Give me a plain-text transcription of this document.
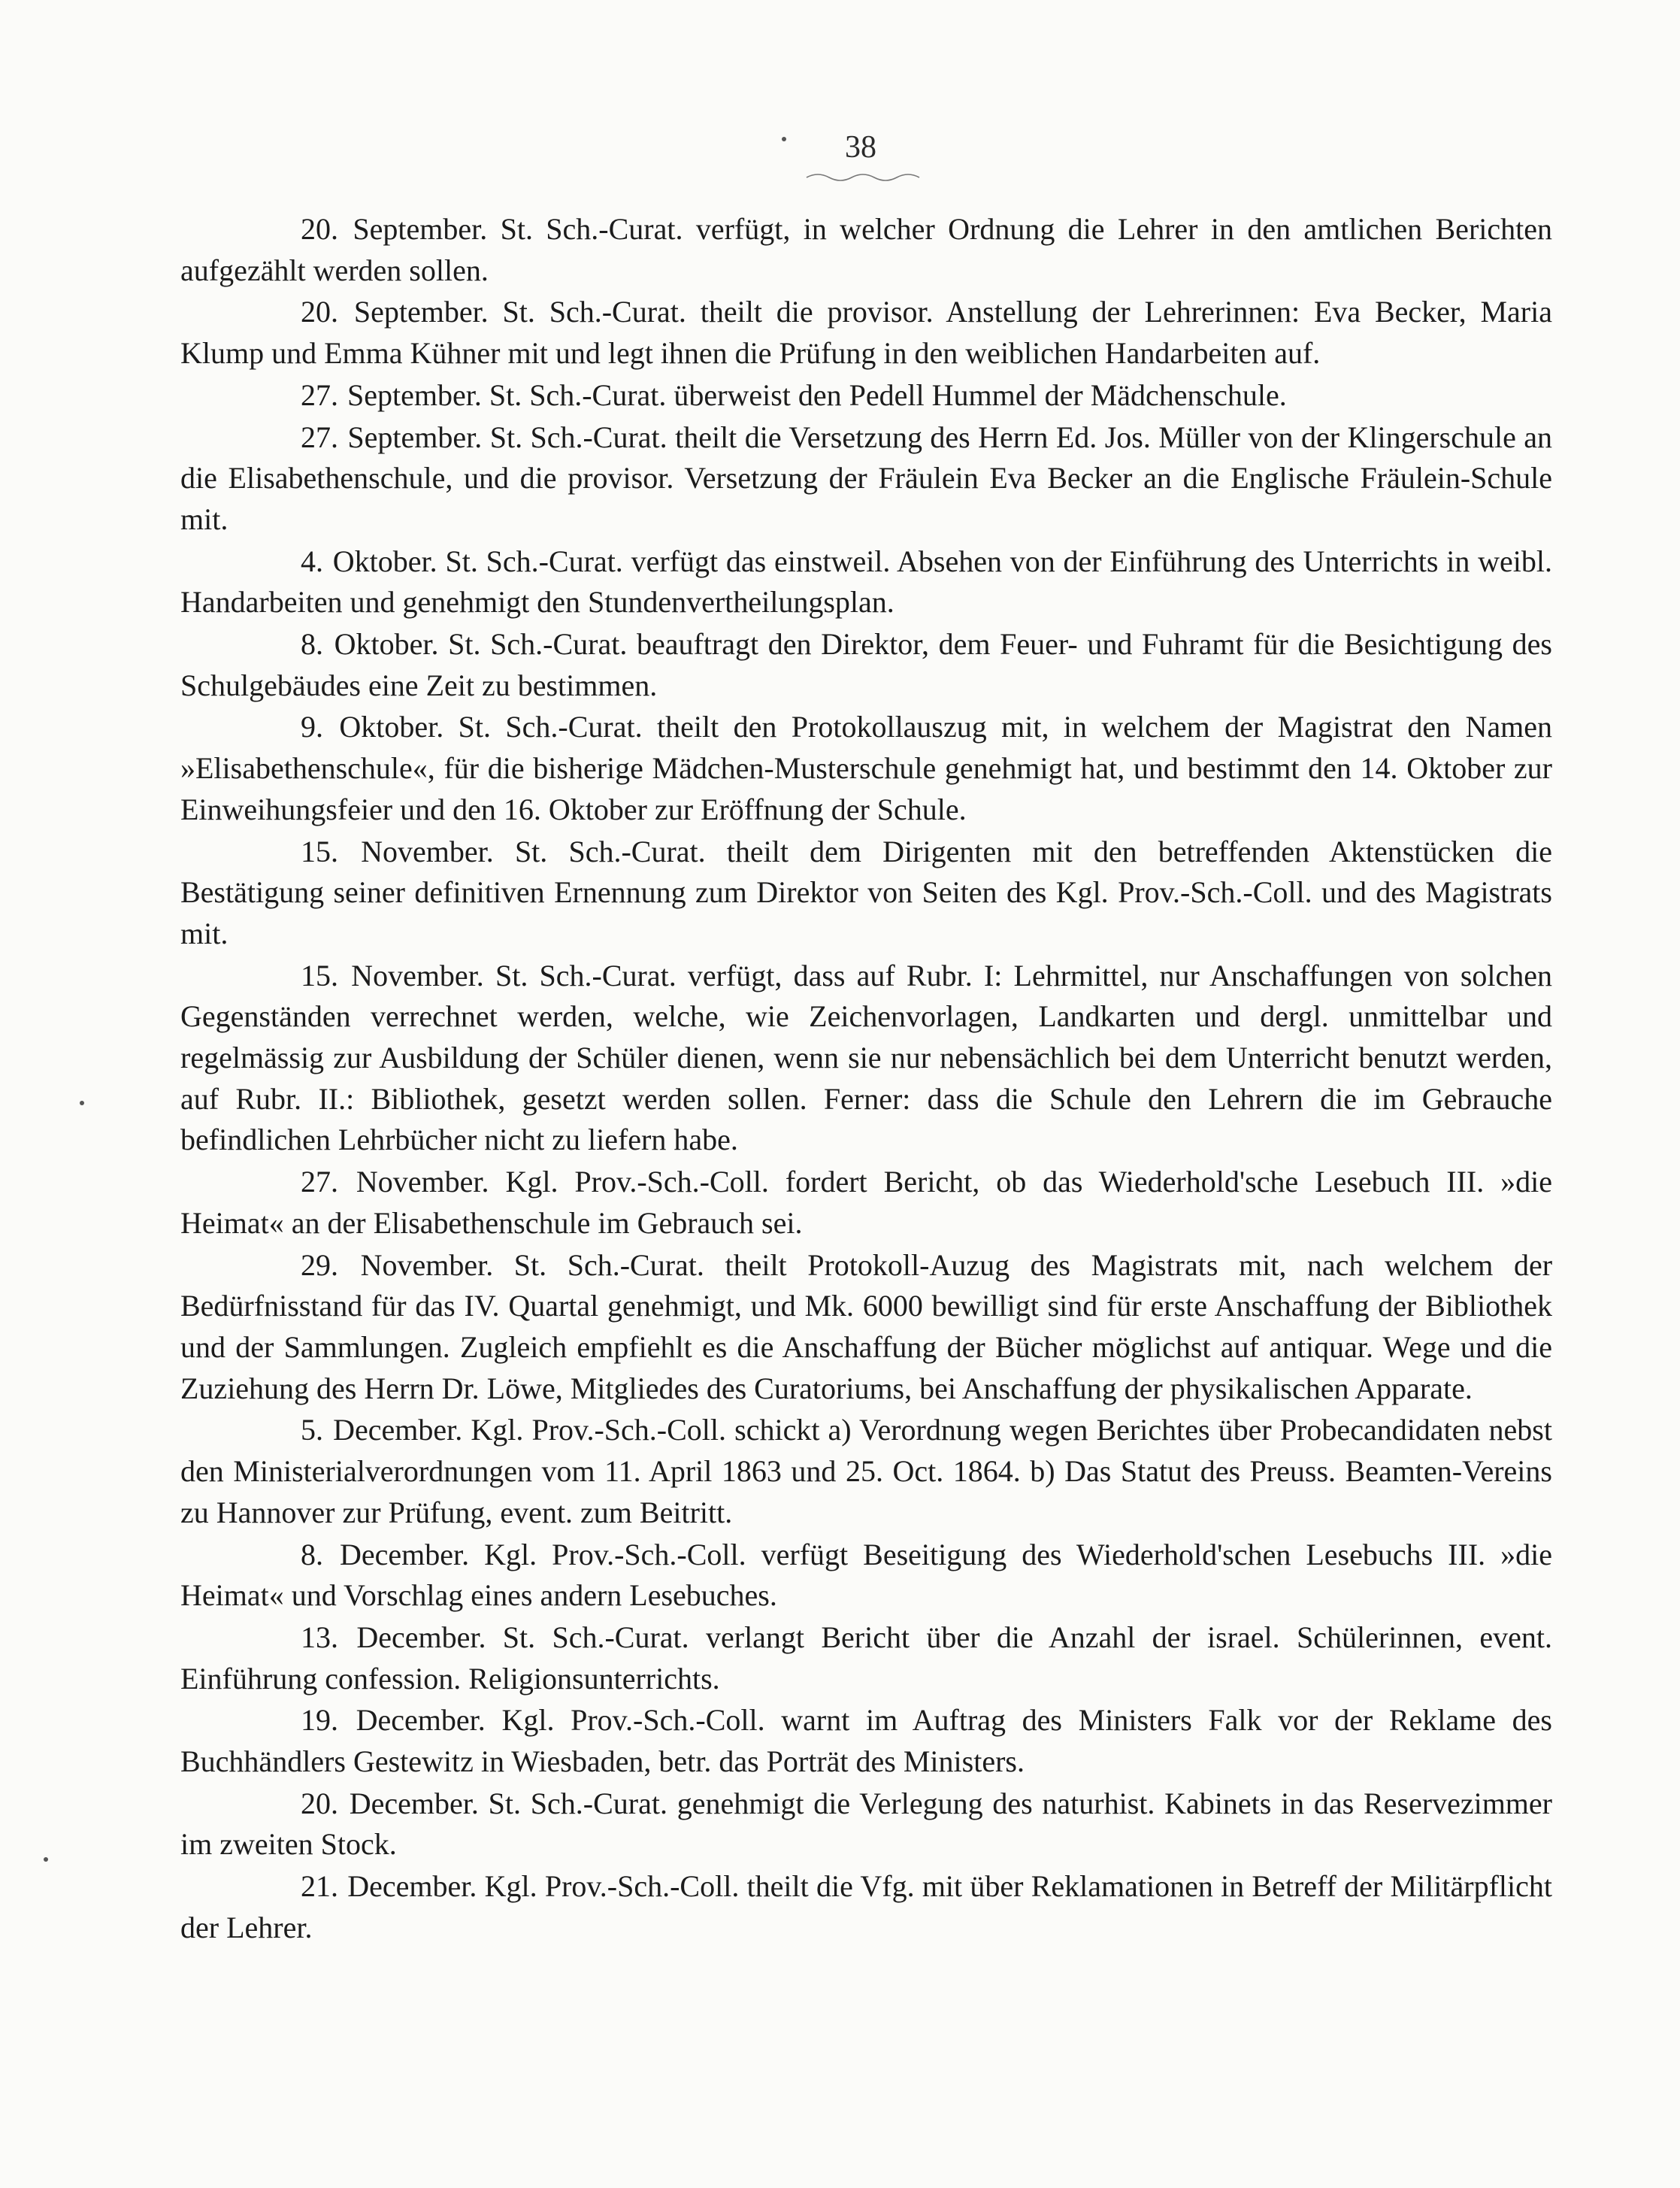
38

20. September. St. Sch.-Curat. verfügt, in welcher Ordnung die Lehrer in den amtlichen Berichten aufgezählt werden sollen.

20. September. St. Sch.-Curat. theilt die provisor. Anstellung der Lehrerinnen: Eva Becker, Maria Klump und Emma Kühner mit und legt ihnen die Prüfung in den weiblichen Handarbeiten auf.

27. September. St. Sch.-Curat. überweist den Pedell Hummel der Mädchenschule.

27. September. St. Sch.-Curat. theilt die Versetzung des Herrn Ed. Jos. Müller von der Klingerschule an die Elisabethenschule, und die provisor. Versetzung der Fräulein Eva Becker an die Englische Fräulein-Schule mit.

4. Oktober. St. Sch.-Curat. verfügt das einstweil. Absehen von der Einführung des Unterrichts in weibl. Handarbeiten und genehmigt den Stundenvertheilungsplan.

8. Oktober. St. Sch.-Curat. beauftragt den Direktor, dem Feuer- und Fuhramt für die Besichtigung des Schulgebäudes eine Zeit zu bestimmen.

9. Oktober. St. Sch.-Curat. theilt den Protokollauszug mit, in welchem der Magistrat den Namen »Elisabethenschule«, für die bisherige Mädchen-Musterschule genehmigt hat, und bestimmt den 14. Oktober zur Einweihungsfeier und den 16. Oktober zur Eröffnung der Schule.

15. November. St. Sch.-Curat. theilt dem Dirigenten mit den betreffenden Aktenstücken die Bestätigung seiner definitiven Ernennung zum Direktor von Seiten des Kgl. Prov.-Sch.-Coll. und des Magistrats mit.

15. November. St. Sch.-Curat. verfügt, dass auf Rubr. I: Lehrmittel, nur Anschaffungen von solchen Gegenständen verrechnet werden, welche, wie Zeichenvorlagen, Landkarten und dergl. unmittelbar und regelmässig zur Ausbildung der Schüler dienen, wenn sie nur nebensächlich bei dem Unterricht benutzt werden, auf Rubr. II.: Bibliothek, gesetzt werden sollen. Ferner: dass die Schule den Lehrern die im Gebrauche befindlichen Lehrbücher nicht zu liefern habe.

27. November. Kgl. Prov.-Sch.-Coll. fordert Bericht, ob das Wiederhold'sche Lesebuch III. »die Heimat« an der Elisabethenschule im Gebrauch sei.

29. November. St. Sch.-Curat. theilt Protokoll-Auzug des Magistrats mit, nach welchem der Bedürfnisstand für das IV. Quartal genehmigt, und Mk. 6000 bewilligt sind für erste Anschaffung der Bibliothek und der Sammlungen. Zugleich empfiehlt es die Anschaffung der Bücher möglichst auf antiquar. Wege und die Zuziehung des Herrn Dr. Löwe, Mitgliedes des Curatoriums, bei Anschaffung der physikalischen Apparate.

5. December. Kgl. Prov.-Sch.-Coll. schickt a) Verordnung wegen Berichtes über Probecandidaten nebst den Ministerialverordnungen vom 11. April 1863 und 25. Oct. 1864. b) Das Statut des Preuss. Beamten-Vereins zu Hannover zur Prüfung, event. zum Beitritt.

8. December. Kgl. Prov.-Sch.-Coll. verfügt Beseitigung des Wiederhold'schen Lesebuchs III. »die Heimat« und Vorschlag eines andern Lesebuches.

13. December. St. Sch.-Curat. verlangt Bericht über die Anzahl der israel. Schülerinnen, event. Einführung confession. Religionsunterrichts.

19. December. Kgl. Prov.-Sch.-Coll. warnt im Auftrag des Ministers Falk vor der Reklame des Buchhändlers Gestewitz in Wiesbaden, betr. das Porträt des Ministers.

20. December. St. Sch.-Curat. genehmigt die Verlegung des naturhist. Kabinets in das Reservezimmer im zweiten Stock.

21. December. Kgl. Prov.-Sch.-Coll. theilt die Vfg. mit über Reklamationen in Betreff der Militärpflicht der Lehrer.
